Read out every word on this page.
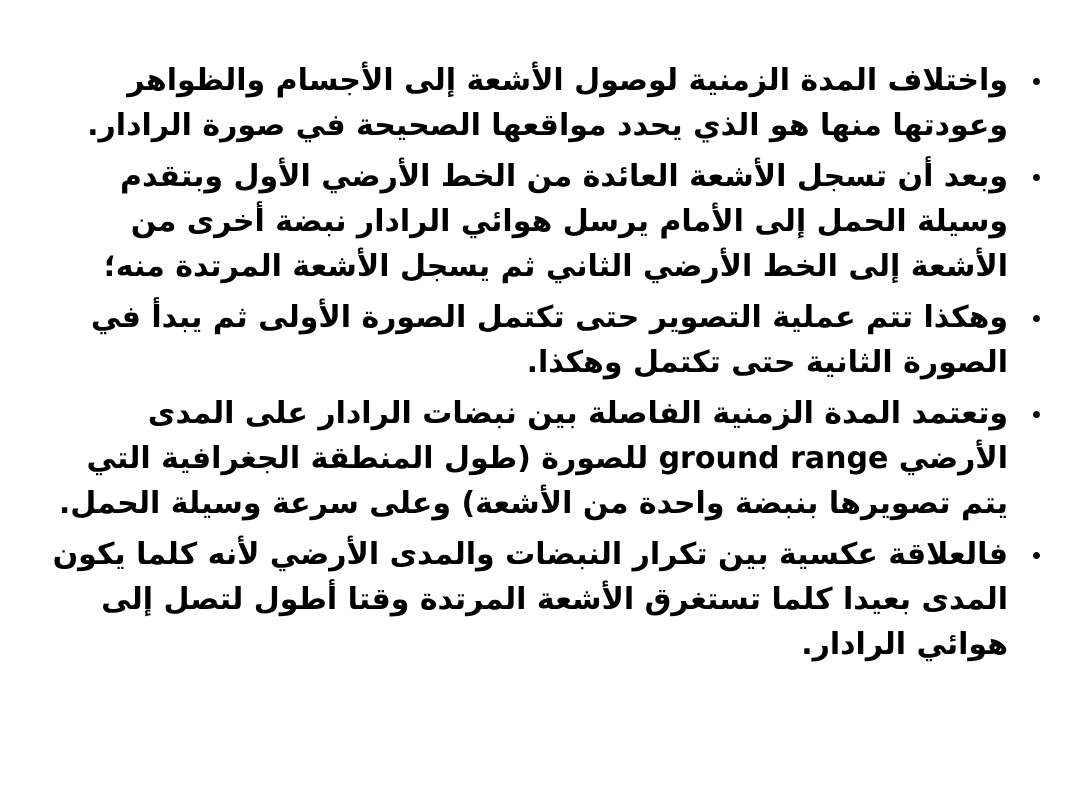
واختلاف المدة الزمنية لوصول الأشعة إلى الأجسام والظواهر وعودتها منها هو الذي يحدد مواقعها الصحيحة في صورة الرادار.
وبعد أن تسجل الأشعة العائدة من الخط الأرضي الأول وبتقدم وسيلة الحمل إلى الأمام يرسل هوائي الرادار نبضة أخرى من الأشعة إلى الخط الأرضي الثاني ثم يسجل الأشعة المرتدة منه؛
وهكذا تتم عملية التصوير حتى تكتمل الصورة الأولى ثم يبدأ في الصورة الثانية حتى تكتمل وهكذا.
وتعتمد المدة الزمنية الفاصلة بين نبضات الرادار على المدى الأرضي ground range للصورة (طول المنطقة الجغرافية التي يتم تصويرها بنبضة واحدة من الأشعة) وعلى سرعة وسيلة الحمل.
فالعلاقة عكسية بين تكرار النبضات والمدى الأرضي لأنه كلما يكون المدى بعيدا كلما تستغرق الأشعة المرتدة وقتا أطول لتصل إلى هوائي الرادار.
